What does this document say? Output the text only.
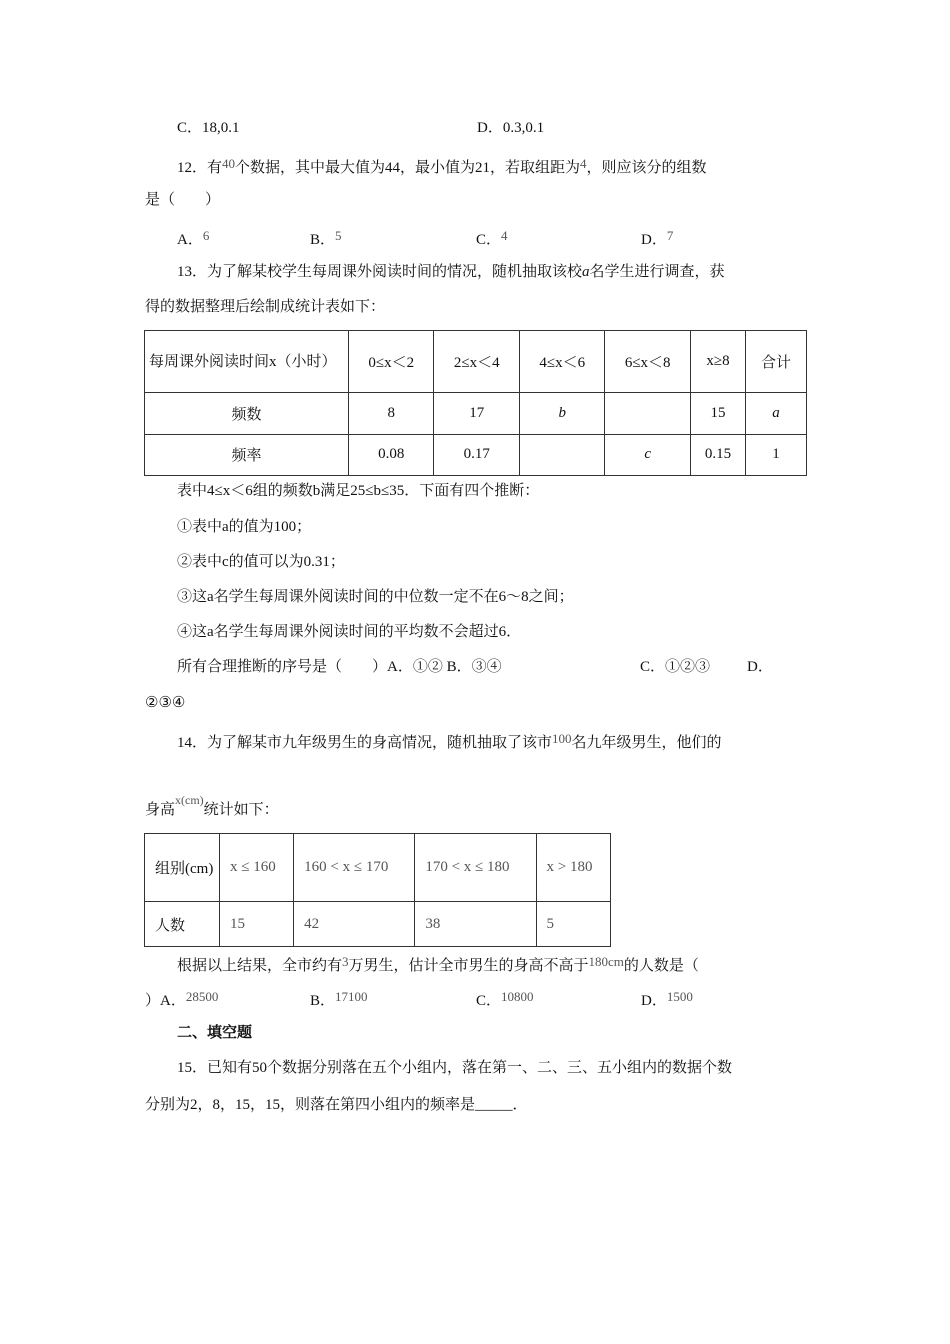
C．18,0.1	D．0.3,0.1
12．有40个数据，其中最大值为44，最小值为21，若取组距为4，则应该分的组数
是（　　）
A．6	B．5	C．4	D．7
13．为了解某校学生每周课外阅读时间的情况，随机抽取该校a名学生进行调查，获
得的数据整理后绘制成统计表如下：
每周课外阅读时间x（小时）	0≤x＜2	2≤x＜4	4≤x＜6	6≤x＜8	x≥8	合计
频数	8	17	b		15	a
频率	0.08	0.17		c	0.15	1
表中4≤x＜6组的频数b满足25≤b≤35．下面有四个推断：
①表中a的值为100；
②表中c的值可以为0.31；
③这a名学生每周课外阅读时间的中位数一定不在6～8之间；
④这a名学生每周课外阅读时间的平均数不会超过6．
所有合理推断的序号是（　　）A．①② B．③④	C．①②③ D．
②③④
14．为了解某市九年级男生的身高情况，随机抽取了该市100名九年级男生，他们的
身高$^{x(cm)}$统计如下：
组别(cm)	x ≤ 160	160 < x ≤ 170	170 < x ≤ 180	x > 180
人数	15	42	38	5
根据以上结果，全市约有3万男生，估计全市男生的身高不高于180cm的人数是（
）A．28500	B．17100	C．10800	D．1500
二、填空题
15．已知有50个数据分别落在五个小组内，落在第一、二、三、五小组内的数据个数
分别为2，8，15，15，则落在第四小组内的频率是_____．
